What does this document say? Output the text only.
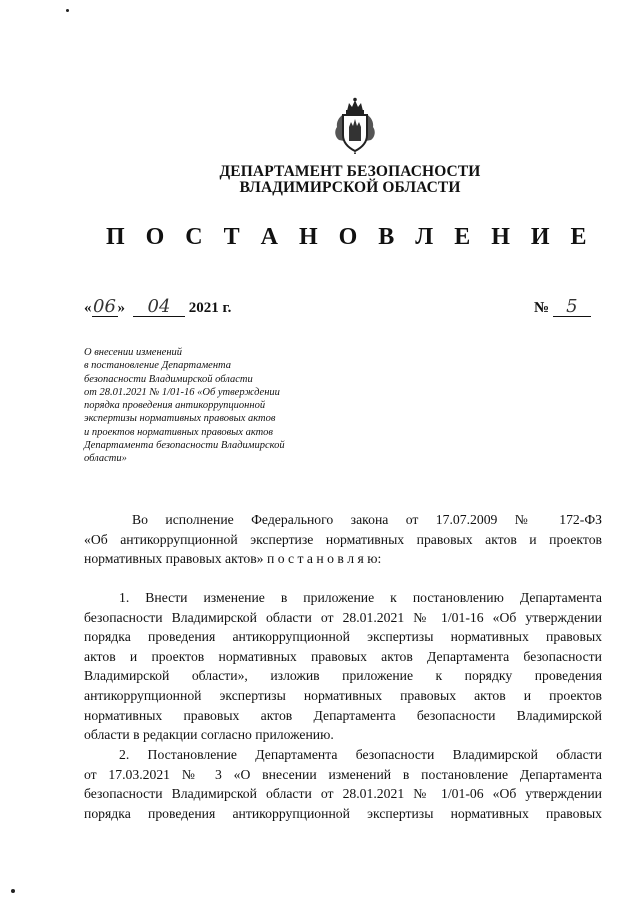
ДЕПАРТАМЕНТ БЕЗОПАСНОСТИ
ВЛАДИМИРСКОЙ ОБЛАСТИ
П О С Т А Н О В Л Е Н И Е
«06 » 04 2021 г.	№ 5
О внесении изменений
в постановление Департамента
безопасности Владимирской области
от 28.01.2021 № 1/01-16 «Об утверждении
порядка проведения антикоррупционной
экспертизы нормативных правовых актов
и проектов нормативных правовых актов
Департамента безопасности Владимирской
области»
Во исполнение Федерального закона от 17.07.2009 № 172-ФЗ
«Об антикоррупционной экспертизе нормативных правовых актов и проектов
нормативных правовых актов» п о с т а н о в л я ю:
1. Внести изменение в приложение к постановлению Департамента
безопасности Владимирской области от 28.01.2021 № 1/01-16 «Об утверждении
порядка проведения антикоррупционной экспертизы нормативных правовых
актов и проектов нормативных правовых актов Департамента безопасности
Владимирской области», изложив приложение к порядку проведения
антикоррупционной экспертизы нормативных правовых актов и проектов
нормативных правовых актов Департамента безопасности Владимирской
области в редакции согласно приложению.
2. Постановление Департамента безопасности Владимирской области
от 17.03.2021 № 3 «О внесении изменений в постановление Департамента
безопасности Владимирской области от 28.01.2021 № 1/01-06 «Об утверждении
порядка проведения антикоррупционной экспертизы нормативных правовых
